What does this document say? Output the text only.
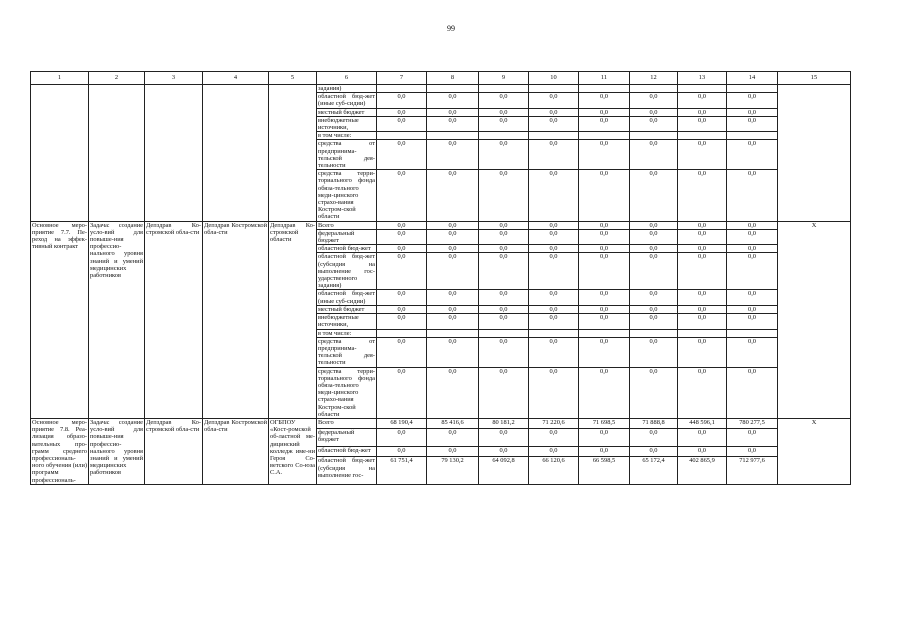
99
1	2	3	4	5	6	7	8	9	10	11	12	13	14	15
					задания)									
					областной бюд-жет (иные суб-сидии)	0,0	0,0	0,0	0,0	0,0	0,0	0,0	0,0	
					местный бюджет	0,0	0,0	0,0	0,0	0,0	0,0	0,0	0,0	
					внебюджетные источники,	0,0	0,0	0,0	0,0	0,0	0,0	0,0	0,0	
					в том числе:									
					средства от предпринима-тельской дея-тельности	0,0	0,0	0,0	0,0	0,0	0,0	0,0	0,0	
					средства терри-ториального фонда обяза-тельного меди-цинского страхо-вания Костром-ской области	0,0	0,0	0,0	0,0	0,0	0,0	0,0	0,0	
Основное меро-приятие 7.7. Пе-реход на эффек-тивный контракт	Задача: создание усло-вий для повыше-ния профессио-нального уровня знаний и умений медицинских работников	Депздрав Ко-стромской обла-сти	Депздрав Костромской обла-сти	Депздрав Ко-стромской области	Всего	0,0	0,0	0,0	0,0	0,0	0,0	0,0	0,0	X
					федеральный бюджет	0,0	0,0	0,0	0,0	0,0	0,0	0,0	0,0	
					областной бюд-жет	0,0	0,0	0,0	0,0	0,0	0,0	0,0	0,0	
					областной бюд-жет (субсидия на выполнение гос-ударственного задания)	0,0	0,0	0,0	0,0	0,0	0,0	0,0	0,0	
					областной бюд-жет (иные суб-сидии)	0,0	0,0	0,0	0,0	0,0	0,0	0,0	0,0	
					местный бюджет	0,0	0,0	0,0	0,0	0,0	0,0	0,0	0,0	
					внебюджетные источники,	0,0	0,0	0,0	0,0	0,0	0,0	0,0	0,0	
					в том числе:									
					средства от предпринима-тельской дея-тельности	0,0	0,0	0,0	0,0	0,0	0,0	0,0	0,0	
					средства терри-ториального фонда обяза-тельного меди-цинского страхо-вания Костром-ской области	0,0	0,0	0,0	0,0	0,0	0,0	0,0	0,0	
Основное меро-приятие 7.8. Реа-лизация образо-вательных про-грамм среднего профессиональ-ного обучения (или) программ профессиональ-	Задача: создание усло-вий для повыше-ния профессио-нального уровня знаний и умений медицинских работников	Депздрав Ко-стромской обла-сти	Депздрав Костромской обла-сти	ОГБПОУ «Кост-ромской об-ластной ме-дицинский колледж име-ни Героя Со-ветского Со-юза С.А.	Всего	68 190,4	85 416,6	80 181,2	71 220,6	71 698,5	71 888,8	448 596,1	780 277,5	X
					федеральный бюджет	0,0	0,0	0,0	0,0	0,0	0,0	0,0	0,0	
					областной бюд-жет	0,0	0,0	0,0	0,0	0,0	0,0	0,0	0,0	
					областной бюд-жет (субсидия на выполнение гос-	61 751,4	79 130,2	64 092,8	66 120,6	66 598,5	65 172,4	402 865,9	712 977,6	
